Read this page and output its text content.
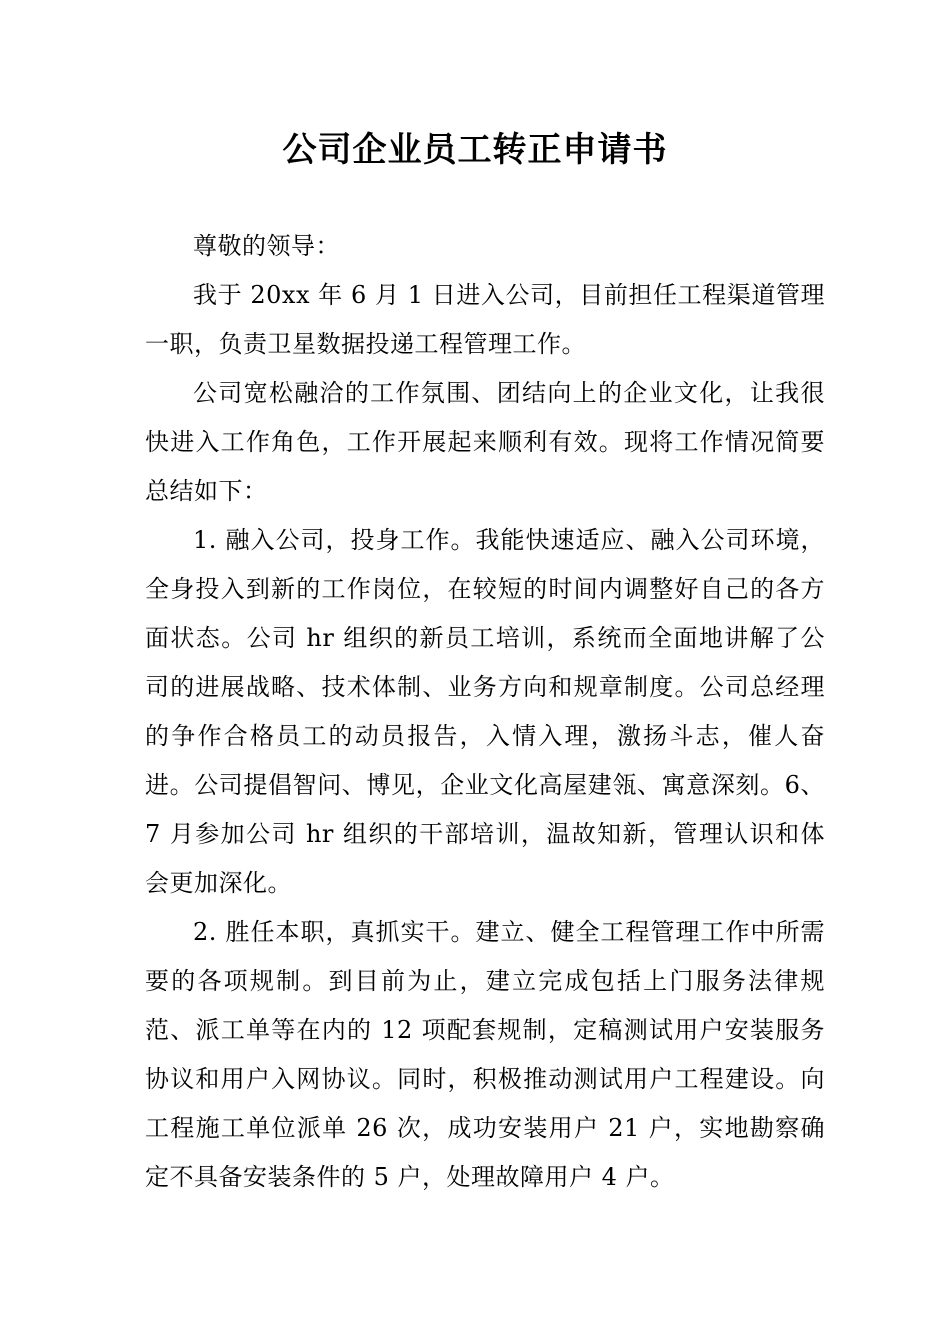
公司企业员工转正申请书

尊敬的领导：

我于 20xx 年 6 月 1 日进入公司，目前担任工程渠道管理一职，负责卫星数据投递工程管理工作。

公司宽松融洽的工作氛围、团结向上的企业文化，让我很快进入工作角色，工作开展起来顺利有效。现将工作情况简要总结如下：

1. 融入公司，投身工作。我能快速适应、融入公司环境，全身投入到新的工作岗位，在较短的时间内调整好自己的各方面状态。公司 hr 组织的新员工培训，系统而全面地讲解了公司的进展战略、技术体制、业务方向和规章制度。公司总经理的争作合格员工的动员报告，入情入理，激扬斗志，催人奋进。公司提倡智问、博见，企业文化高屋建瓴、寓意深刻。6、7 月参加公司 hr 组织的干部培训，温故知新，管理认识和体会更加深化。

2. 胜任本职，真抓实干。建立、健全工程管理工作中所需要的各项规制。到目前为止，建立完成包括上门服务法律规范、派工单等在内的 12 项配套规制，定稿测试用户安装服务协议和用户入网协议。同时，积极推动测试用户工程建设。向工程施工单位派单 26 次，成功安装用户 21 户，实地勘察确定不具备安装条件的 5 户，处理故障用户 4 户。
